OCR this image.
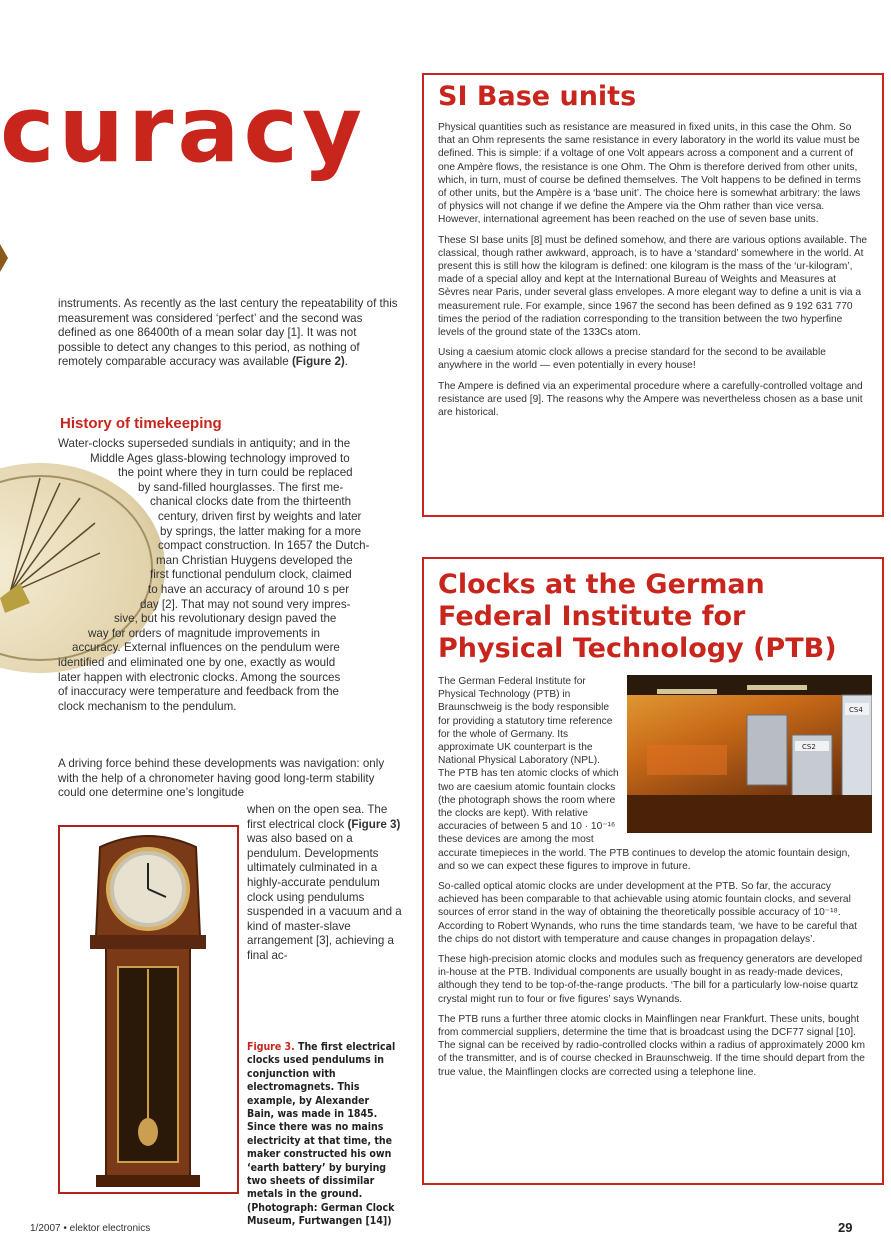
curacy

instruments. As recently as the last century the repeatability of this measurement was considered ‘perfect’ and the second was defined as one 86400th of a mean solar day [1]. It was not possible to detect any changes to this period, as nothing of remotely comparable accuracy was available (Figure 2).

History of timekeeping

Water-clocks superseded sundials in antiquity; and in the
Middle Ages glass-blowing technology improved to
the point where they in turn could be replaced
by sand-filled hourglasses. The first me-
chanical clocks date from the thirteenth
century, driven first by weights and later
by springs, the latter making for a more
compact construction. In 1657 the Dutch-
man Christian Huygens developed the
first functional pendulum clock, claimed
to have an accuracy of around 10 s per
day [2]. That may not sound very impres-
sive, but his revolutionary design paved the
way for orders of magnitude improvements in
accuracy. External influences on the pendulum were
identified and eliminated one by one, exactly as would
later happen with electronic clocks. Among the sources
of inaccuracy were temperature and feedback from the
clock mechanism to the pendulum.

A driving force behind these developments was navigation: only with the help of a chronometer having good long-term stability could one determine one’s longitude

when on the open sea. The first electrical clock (Figure 3) was also based on a pendulum. Developments ultimately culminated in a highly-accurate pendulum clock using pendulums suspended in a vacuum and a kind of master-slave arrangement [3], achieving a final ac-

Figure 3. The first electrical clocks used pendulums in conjunction with electromagnets. This example, by Alexander Bain, was made in 1845. Since there was no mains electricity at that time, the maker constructed his own ‘earth battery’ by burying two sheets of dissimilar metals in the ground. (Photograph: German Clock Museum, Furtwangen [14])
SI Base units

Physical quantities such as resistance are measured in fixed units, in this case the Ohm. So that an Ohm represents the same resistance in every laboratory in the world its value must be defined. This is simple: if a voltage of one Volt appears across a component and a current of one Ampère flows, the resistance is one Ohm. The Ohm is therefore derived from other units, which, in turn, must of course be defined themselves. The Volt happens to be defined in terms of other units, but the Ampère is a ‘base unit’. The choice here is somewhat arbitrary: the laws of physics will not change if we define the Ampere via the Ohm rather than vice versa. However, international agreement has been reached on the use of seven base units.

These SI base units [8] must be defined somehow, and there are various options available. The classical, though rather awkward, approach, is to have a ‘standard’ somewhere in the world. At present this is still how the kilogram is defined: one kilogram is the mass of the ‘ur-kilogram’, made of a special alloy and kept at the International Bureau of Weights and Measures at Sèvres near Paris, under several glass envelopes. A more elegant way to define a unit is via a measurement rule. For example, since 1967 the second has been defined as 9 192 631 770 times the period of the radiation corresponding to the transition between the two hyperfine levels of the ground state of the 133Cs atom.

Using a caesium atomic clock allows a precise standard for the second to be available anywhere in the world — even potentially in every house!

The Ampere is defined via an experimental procedure where a carefully-controlled voltage and resistance are used [9]. The reasons why the Ampere was nevertheless chosen as a base unit are historical.

Clocks at the German
Federal Institute for
Physical Technology (PTB)
CS4
CS2

The German Federal Institute for Physical Technology (PTB) in Braunschweig is the body responsible for providing a statutory time reference for the whole of Germany. Its approximate UK counterpart is the National Physical Laboratory (NPL). The PTB has ten atomic clocks of which two are caesium atomic fountain clocks (the photograph shows the room where the clocks are kept). With relative accuracies of between 5 and 10 · 10⁻¹⁶ these devices are among the most accurate timepieces in the world. The PTB continues to develop the atomic fountain design, and so we can expect these figures to improve in future.

So-called optical atomic clocks are under development at the PTB. So far, the accuracy achieved has been comparable to that achievable using atomic fountain clocks, and several sources of error stand in the way of obtaining the theoretically possible accuracy of 10⁻¹⁸. According to Robert Wynands, who runs the time standards team, ‘we have to be careful that the chips do not distort with temperature and cause changes in propagation delays’.

These high-precision atomic clocks and modules such as frequency generators are developed in-house at the PTB. Individual components are usually bought in as ready-made devices, although they tend to be top-of-the-range products. ‘The bill for a particularly low-noise quartz crystal might run to four or five figures’ says Wynands.

The PTB runs a further three atomic clocks in Mainflingen near Frankfurt. These units, bought from commercial suppliers, determine the time that is broadcast using the DCF77 signal [10]. The signal can be received by radio-controlled clocks within a radius of approximately 2000 km of the transmitter, and is of course checked in Braunschweig. If the time should depart from the true value, the Mainflingen clocks are corrected using a telephone line.

1/2007 • elektor electronics	29
